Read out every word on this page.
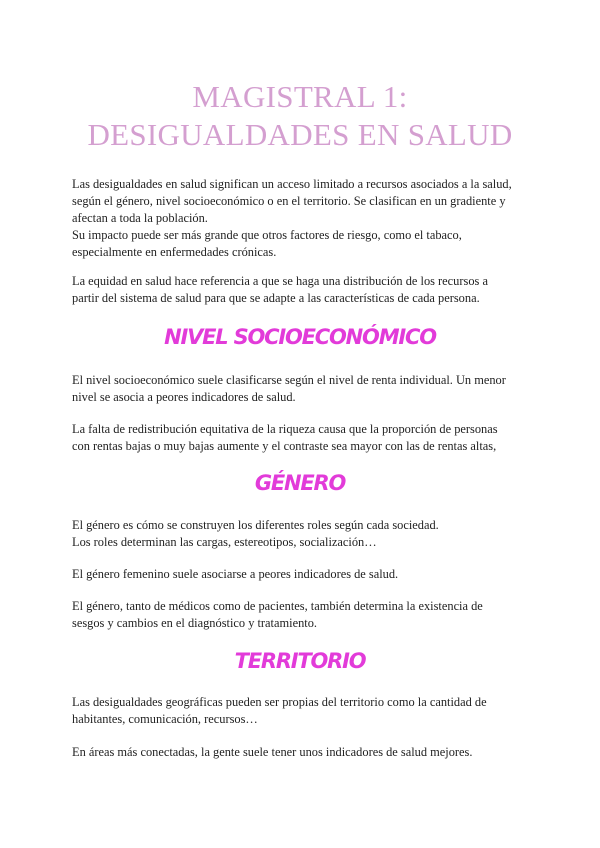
MAGISTRAL 1:
DESIGUALDADES EN SALUD
Las desigualdades en salud significan un acceso limitado a recursos asociados a la salud,
según el género, nivel socioeconómico o en el territorio. Se clasifican en un gradiente y
afectan a toda la población.
Su impacto puede ser más grande que otros factores de riesgo, como el tabaco,
especialmente en enfermedades crónicas.
La equidad en salud hace referencia a que se haga una distribución de los recursos a
partir del sistema de salud para que se adapte a las características de cada persona.
NIVEL SOCIOECONÓMICO
El nivel socioeconómico suele clasificarse según el nivel de renta individual. Un menor
nivel se asocia a peores indicadores de salud.
La falta de redistribución equitativa de la riqueza causa que la proporción de personas
con rentas bajas o muy bajas aumente y el contraste sea mayor con las de rentas altas,
GÉNERO
El género es cómo se construyen los diferentes roles según cada sociedad.
Los roles determinan las cargas, estereotipos, socialización…
El género femenino suele asociarse a peores indicadores de salud.
El género, tanto de médicos como de pacientes, también determina la existencia de
sesgos y cambios en el diagnóstico y tratamiento.
TERRITORIO
Las desigualdades geográficas pueden ser propias del territorio como la cantidad de
habitantes, comunicación, recursos…
En áreas más conectadas, la gente suele tener unos indicadores de salud mejores.
